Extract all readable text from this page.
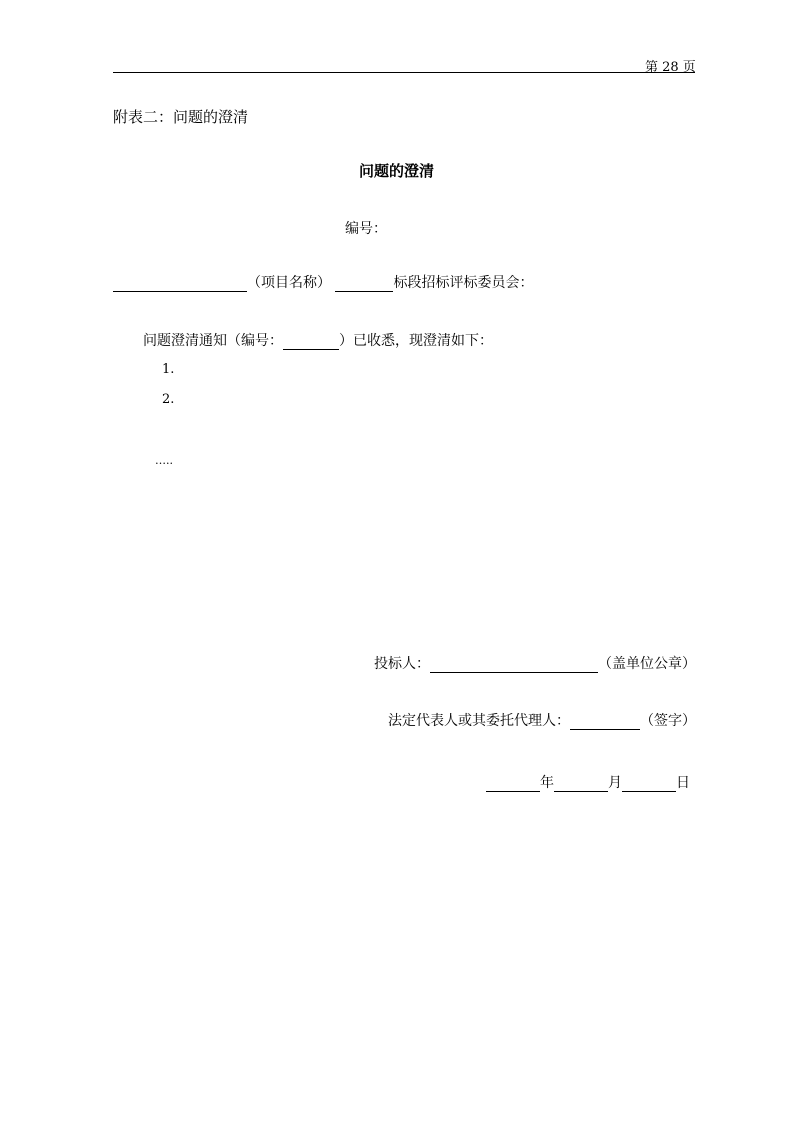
第 28 页
附表二：问题的澄清
问题的澄清
编号：
（项目名称）	标段招标评标委员会：
问题澄清通知（编号：	）已收悉，现澄清如下：
1.
2.
…..
投标人：	（盖单位公章）
法定代表人或其委托代理人：	（签字）
年	月	日
